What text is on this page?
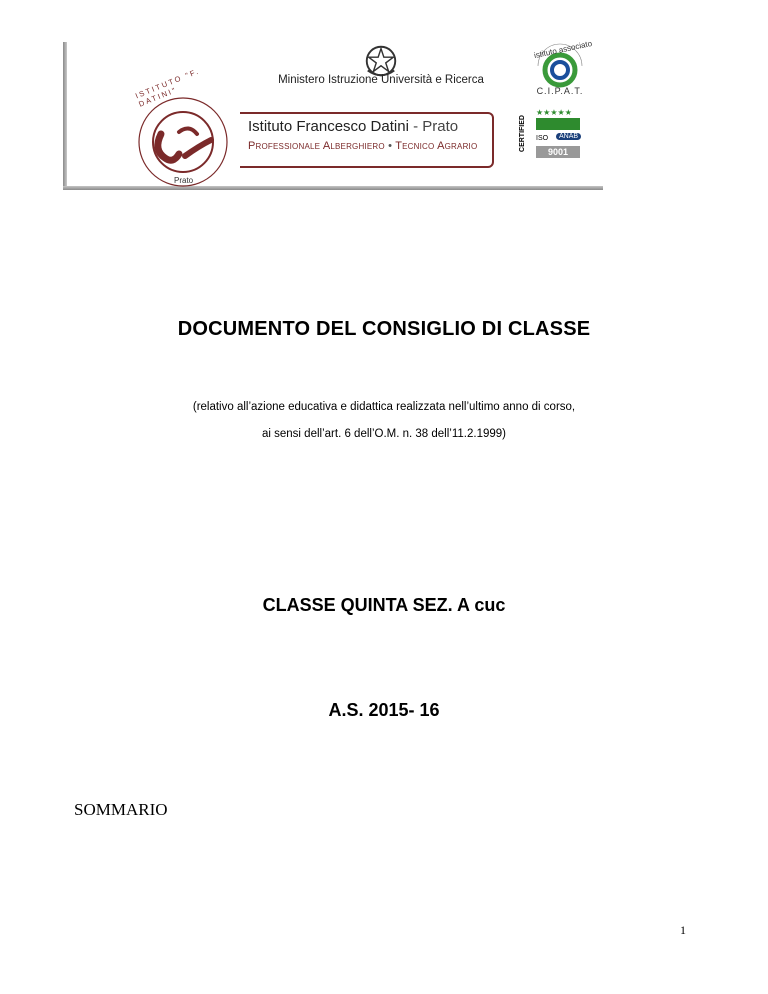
Ministero Istruzione Università e Ricerca
ISTITUTO "F. DATINI"
Prato
Istituto Francesco Datini - Prato
Professionale Alberghiero • Tecnico Agrario
istituto associato
C.I.P.A.T.
CERTIFIED
★★★★★
ISO	ANAB
9001
DOCUMENTO DEL CONSIGLIO DI CLASSE
(relativo all’azione educativa e didattica realizzata nell’ultimo anno di corso,
ai sensi dell’art. 6 dell’O.M. n. 38 dell’11.2.1999)
CLASSE QUINTA SEZ. A cuc
A.S. 2015- 16
SOMMARIO
1
